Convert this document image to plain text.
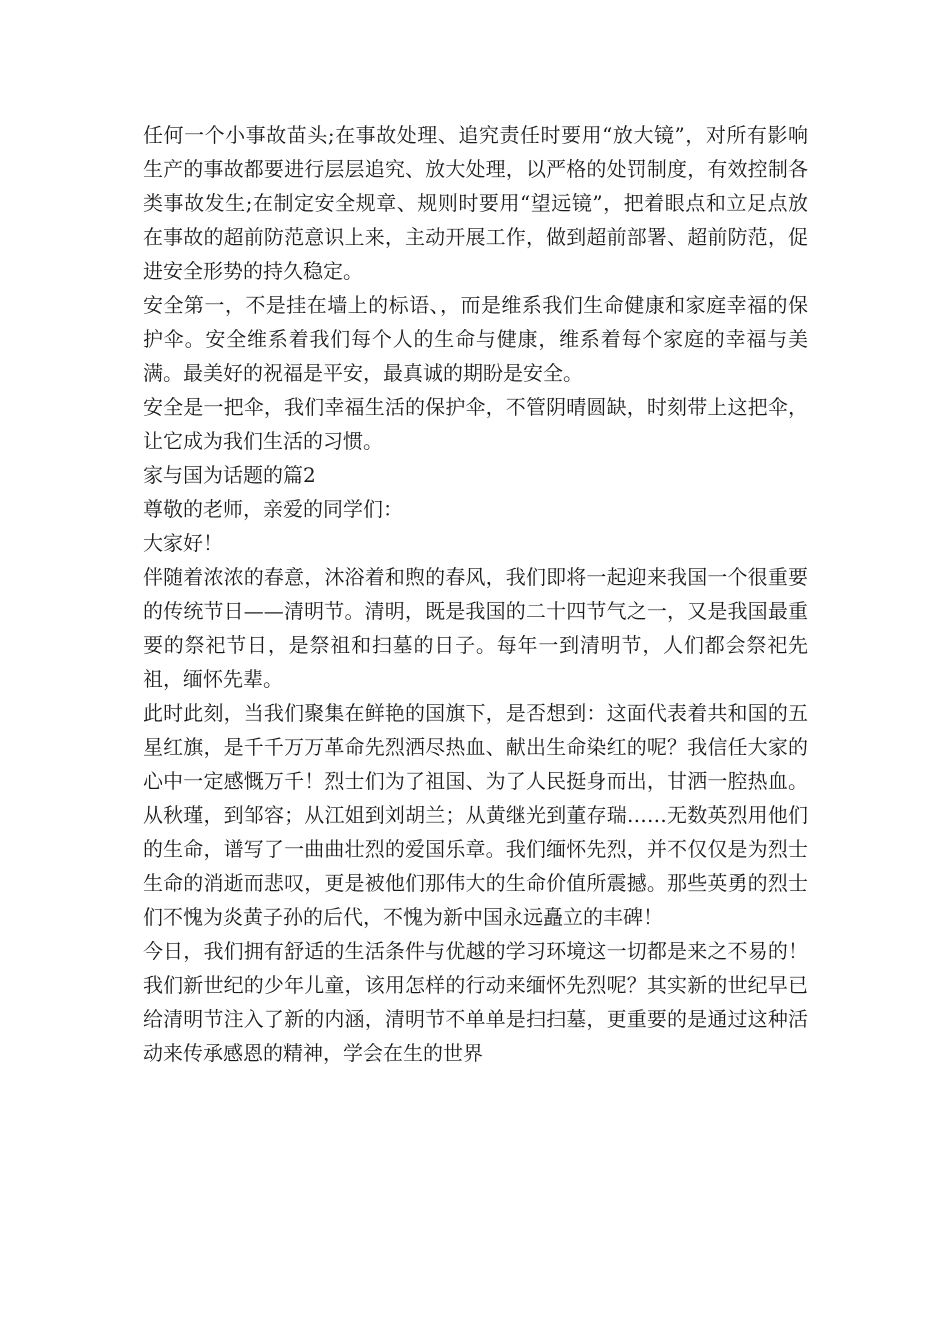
任何一个小事故苗头;在事故处理、追究责任时要用“放大镜”，对所有影响生产的事故都要进行层层追究、放大处理，以严格的处罚制度，有效控制各类事故发生;在制定安全规章、规则时要用“望远镜”，把着眼点和立足点放在事故的超前防范意识上来，主动开展工作，做到超前部署、超前防范，促进安全形势的持久稳定。

安全第一，不是挂在墙上的标语、，而是维系我们生命健康和家庭幸福的保护伞。安全维系着我们每个人的生命与健康，维系着每个家庭的幸福与美满。最美好的祝福是平安，最真诚的期盼是安全。

安全是一把伞，我们幸福生活的保护伞，不管阴晴圆缺，时刻带上这把伞，让它成为我们生活的习惯。

家与国为话题的篇2

尊敬的老师，亲爱的同学们：

大家好！

伴随着浓浓的春意，沐浴着和煦的春风，我们即将一起迎来我国一个很重要的传统节日——清明节。清明，既是我国的二十四节气之一，又是我国最重要的祭祀节日，是祭祖和扫墓的日子。每年一到清明节，人们都会祭祀先祖，缅怀先辈。

此时此刻，当我们聚集在鲜艳的国旗下，是否想到：这面代表着共和国的五星红旗，是千千万万革命先烈洒尽热血、献出生命染红的呢？我信任大家的心中一定感慨万千！烈士们为了祖国、为了人民挺身而出，甘洒一腔热血。从秋瑾，到邹容；从江姐到刘胡兰；从黄继光到董存瑞……无数英烈用他们的生命，谱写了一曲曲壮烈的爱国乐章。我们缅怀先烈，并不仅仅是为烈士生命的消逝而悲叹，更是被他们那伟大的生命价值所震撼。那些英勇的烈士们不愧为炎黄子孙的后代，不愧为新中国永远矗立的丰碑！

今日，我们拥有舒适的生活条件与优越的学习环境这一切都是来之不易的！我们新世纪的少年儿童，该用怎样的行动来缅怀先烈呢？其实新的世纪早已给清明节注入了新的内涵，清明节不单单是扫扫墓，更重要的是通过这种活动来传承感恩的精神，学会在生的世界
